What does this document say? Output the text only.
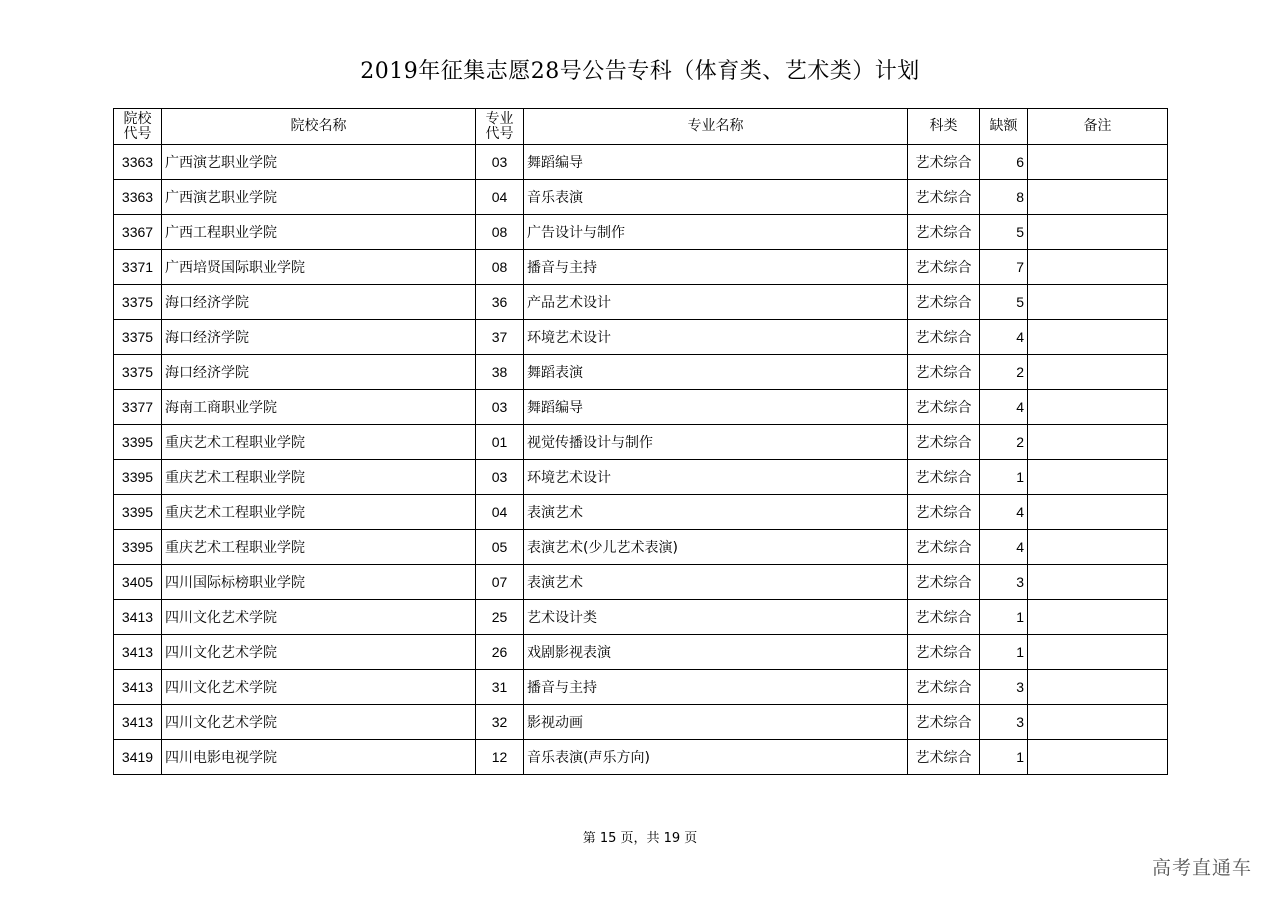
2019年征集志愿28号公告专科（体育类、艺术类）计划
院校代号	院校名称	专业代号	专业名称	科类	缺额	备注
3363	广西演艺职业学院	03	舞蹈编导	艺术综合	6	
3363	广西演艺职业学院	04	音乐表演	艺术综合	8	
3367	广西工程职业学院	08	广告设计与制作	艺术综合	5	
3371	广西培贤国际职业学院	08	播音与主持	艺术综合	7	
3375	海口经济学院	36	产品艺术设计	艺术综合	5	
3375	海口经济学院	37	环境艺术设计	艺术综合	4	
3375	海口经济学院	38	舞蹈表演	艺术综合	2	
3377	海南工商职业学院	03	舞蹈编导	艺术综合	4	
3395	重庆艺术工程职业学院	01	视觉传播设计与制作	艺术综合	2	
3395	重庆艺术工程职业学院	03	环境艺术设计	艺术综合	1	
3395	重庆艺术工程职业学院	04	表演艺术	艺术综合	4	
3395	重庆艺术工程职业学院	05	表演艺术(少儿艺术表演)	艺术综合	4	
3405	四川国际标榜职业学院	07	表演艺术	艺术综合	3	
3413	四川文化艺术学院	25	艺术设计类	艺术综合	1	
3413	四川文化艺术学院	26	戏剧影视表演	艺术综合	1	
3413	四川文化艺术学院	31	播音与主持	艺术综合	3	
3413	四川文化艺术学院	32	影视动画	艺术综合	3	
3419	四川电影电视学院	12	音乐表演(声乐方向)	艺术综合	1	
第 15 页，共 19 页
高考直通车
